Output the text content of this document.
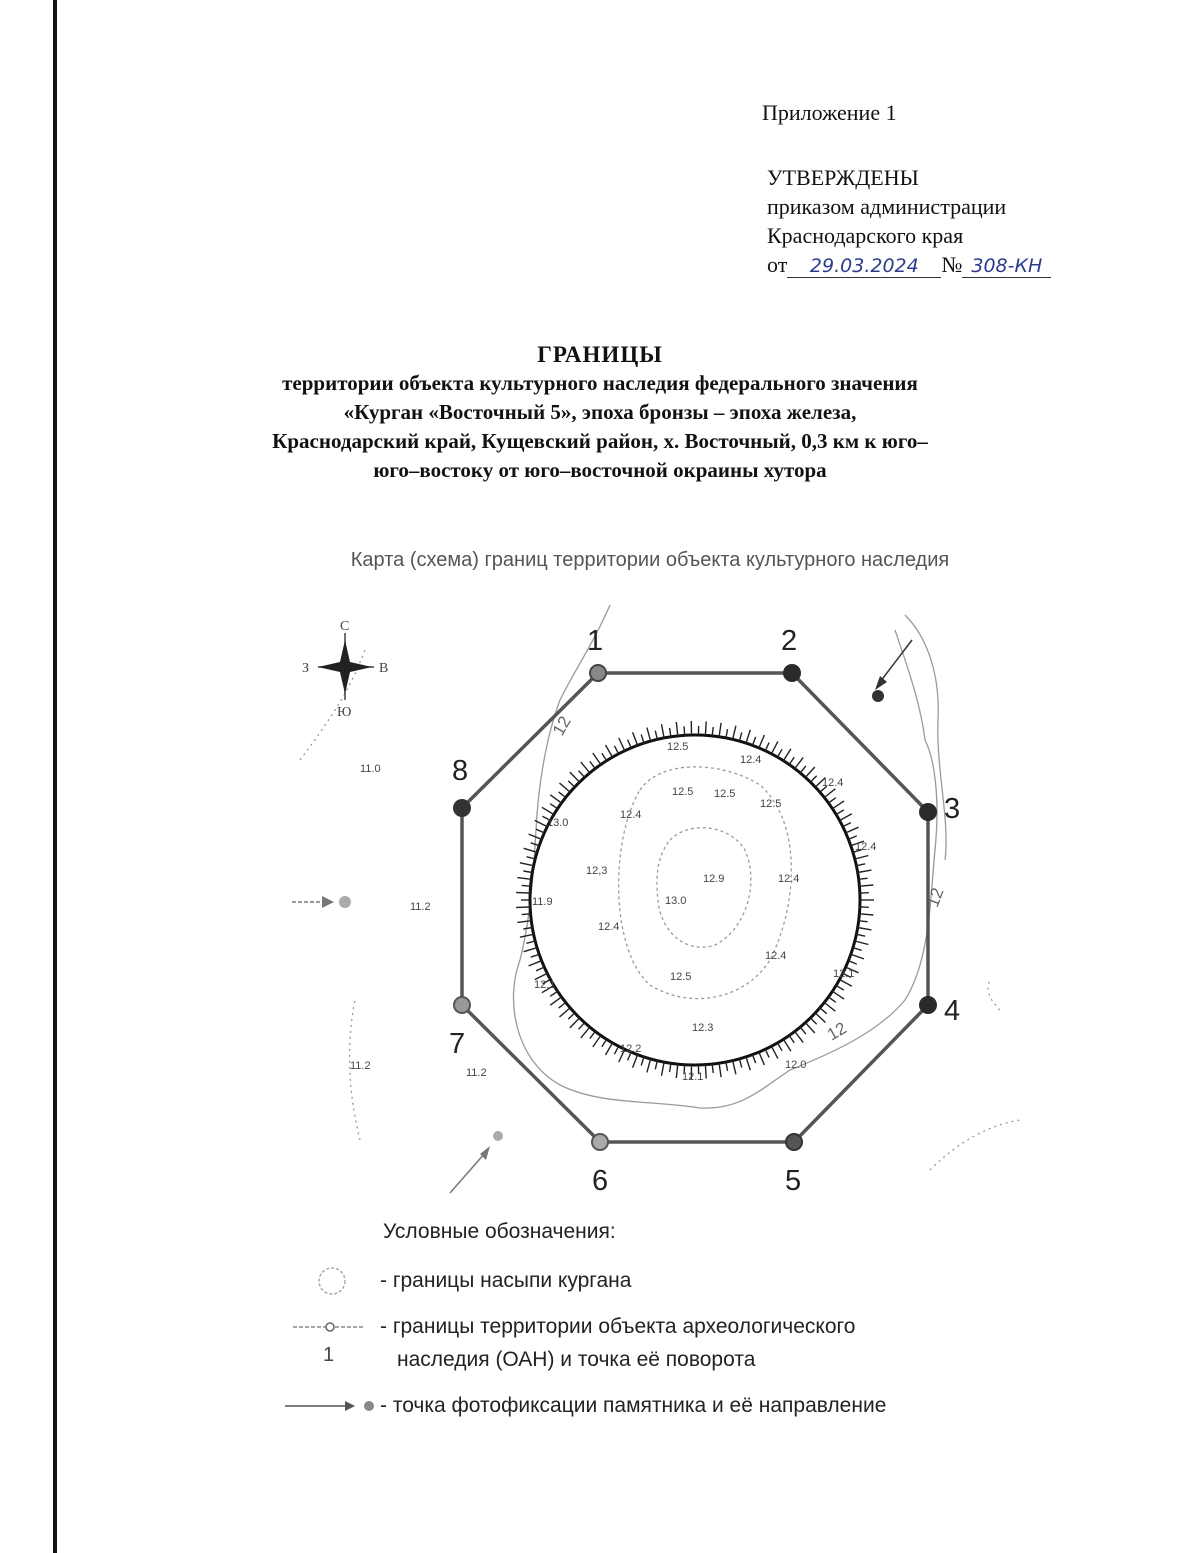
Приложение 1
УТВЕРЖДЕНЫ
приказом администрации
Краснодарского края
от 29.03.2024 № 308-КН
ГРАНИЦЫ
территории объекта культурного наследия федерального значения
«Курган «Восточный 5», эпоха бронзы – эпоха железа,
Краснодарский край, Кущевский район, х. Восточный, 0,3 км к юго–
юго–востоку от юго–восточной окраины хутора
Карта (схема) границ территории объекта культурного наследия
12
12
12
1	2
3
4
5
6
7
8
12.5
12.4
12.4
12.5 12.5
12.5
12.4
12.4
13.0
12,3
12.9	12.4
13.0
12.4
12.4
12.5	12.1
12.3
12.2
12.1
12.0
11.9
12.1
11.2
11.2
11.2
11.0
С
Ю
З	В
Условные обозначения:
- границы насыпи кургана
1
- границы территории объекта археологического
наследия (ОАН) и точка её поворота
- точка фотофиксации памятника и её направление
